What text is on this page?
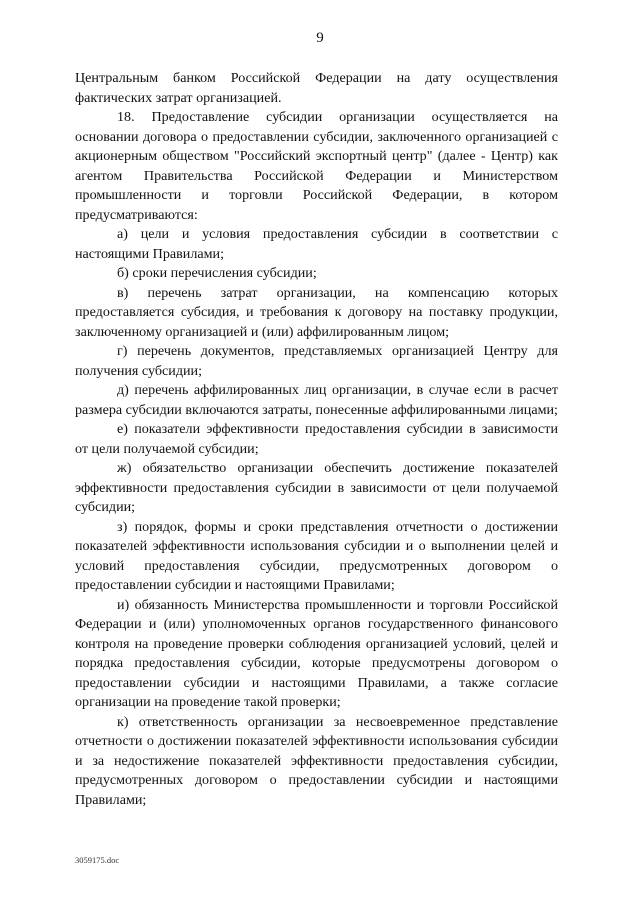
9

Центральным банком Российской Федерации на дату осуществления фактических затрат организацией.

18. Предоставление субсидии организации осуществляется на основании договора о предоставлении субсидии, заключенного организацией с акционерным обществом "Российский экспортный центр" (далее - Центр) как агентом Правительства Российской Федерации и Министерством промышленности и торговли Российской Федерации, в котором предусматриваются:

а) цели и условия предоставления субсидии в соответствии с настоящими Правилами;

б) сроки перечисления субсидии;

в) перечень затрат организации, на компенсацию которых предоставляется субсидия, и требования к договору на поставку продукции, заключенному организацией и (или) аффилированным лицом;

г) перечень документов, представляемых организацией Центру для получения субсидии;

д) перечень аффилированных лиц организации, в случае если в расчет размера субсидии включаются затраты, понесенные аффилированными лицами;

е) показатели эффективности предоставления субсидии в зависимости от цели получаемой субсидии;

ж) обязательство организации обеспечить достижение показателей эффективности предоставления субсидии в зависимости от цели получаемой субсидии;

з) порядок, формы и сроки представления отчетности о достижении показателей эффективности использования субсидии и о выполнении целей и условий предоставления субсидии, предусмотренных договором о предоставлении субсидии и настоящими Правилами;

и) обязанность Министерства промышленности и торговли Российской Федерации и (или) уполномоченных органов государственного финансового контроля на проведение проверки соблюдения организацией условий, целей и порядка предоставления субсидии, которые предусмотрены договором о предоставлении субсидии и настоящими Правилами, а также согласие организации на проведение такой проверки;

к) ответственность организации за несвоевременное представление отчетности о достижении показателей эффективности использования субсидии и за недостижение показателей эффективности предоставления субсидии, предусмотренных договором о предоставлении субсидии и настоящими Правилами;

3059175.doc
